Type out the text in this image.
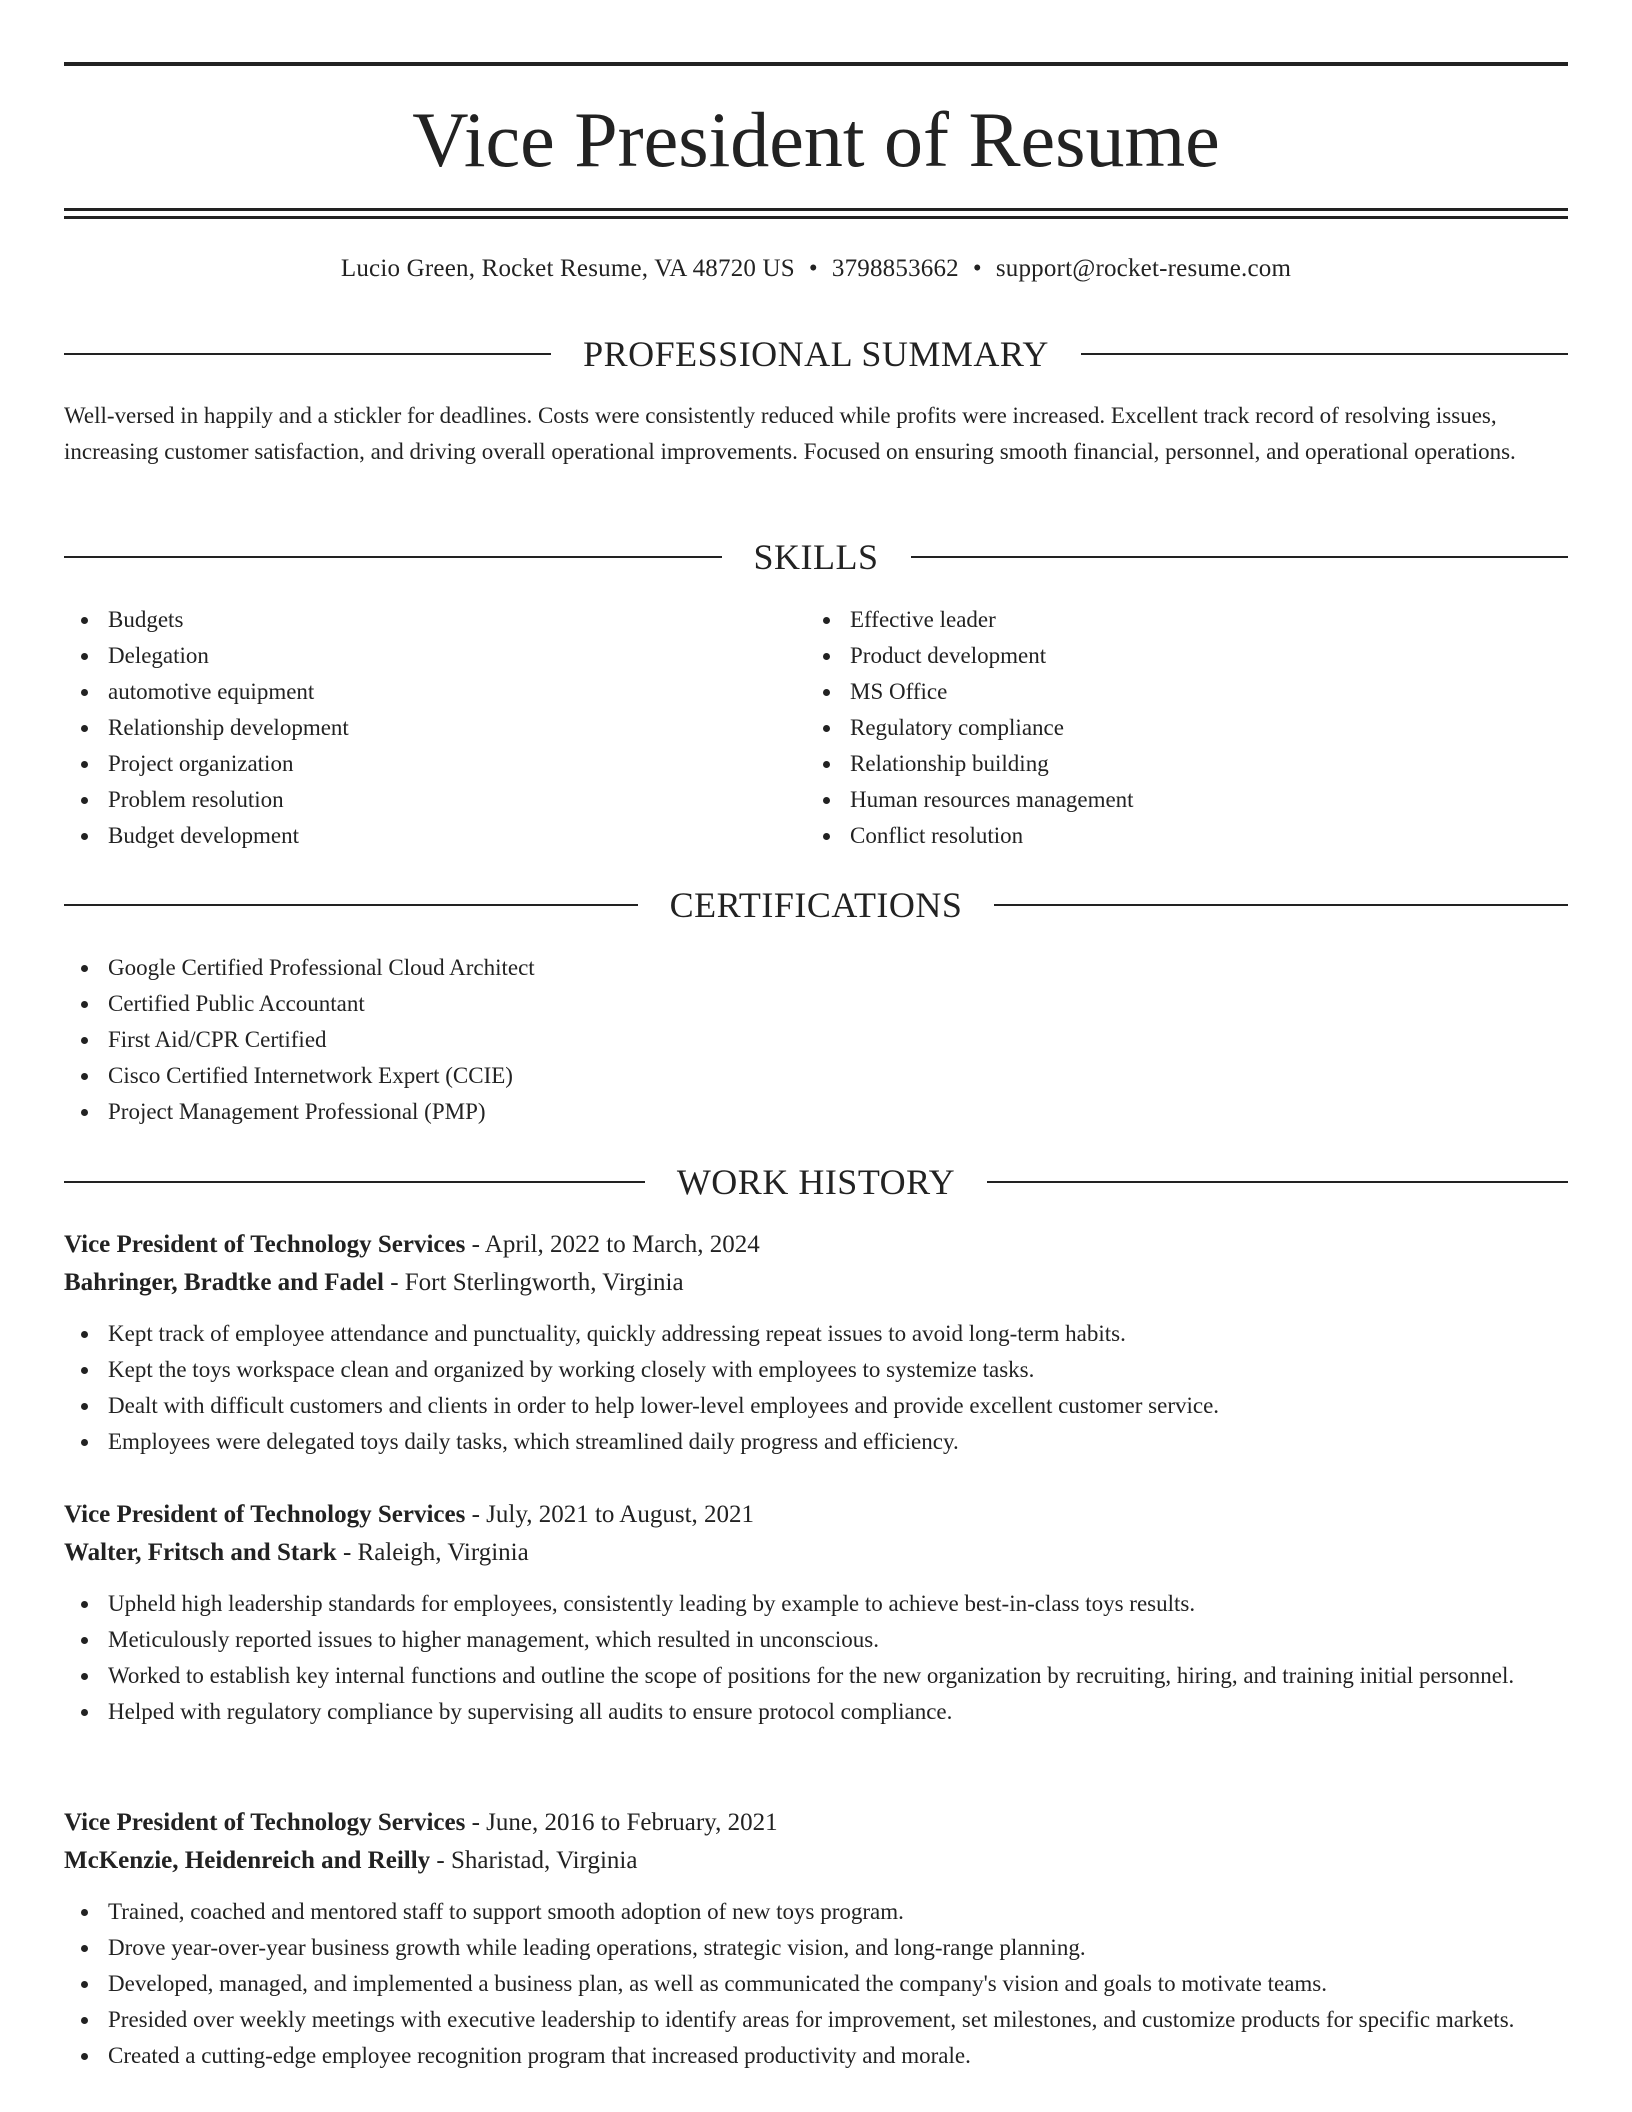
Vice President of Resume
Lucio Green, Rocket Resume, VA 48720 US • 3798853662 • support@rocket-resume.com
PROFESSIONAL SUMMARY

Well-versed in happily and a stickler for deadlines. Costs were consistently reduced while profits were increased. Excellent track record of resolving issues, increasing customer satisfaction, and driving overall operational improvements. Focused on ensuring smooth financial, personnel, and operational operations.

SKILLS
Budgets
Delegation
automotive equipment
Relationship development
Project organization
Problem resolution
Budget development
Effective leader
Product development
MS Office
Regulatory compliance
Relationship building
Human resources management
Conflict resolution
CERTIFICATIONS
Google Certified Professional Cloud Architect
Certified Public Accountant
First Aid/CPR Certified
Cisco Certified Internetwork Expert (CCIE)
Project Management Professional (PMP)
WORK HISTORY
Vice President of Technology Services - April, 2022 to March, 2024
Bahringer, Bradtke and Fadel - Fort Sterlingworth, Virginia
Kept track of employee attendance and punctuality, quickly addressing repeat issues to avoid long-term habits.
Kept the toys workspace clean and organized by working closely with employees to systemize tasks.
Dealt with difficult customers and clients in order to help lower-level employees and provide excellent customer service.
Employees were delegated toys daily tasks, which streamlined daily progress and efficiency.
Vice President of Technology Services - July, 2021 to August, 2021
Walter, Fritsch and Stark - Raleigh, Virginia
Upheld high leadership standards for employees, consistently leading by example to achieve best-in-class toys results.
Meticulously reported issues to higher management, which resulted in unconscious.
Worked to establish key internal functions and outline the scope of positions for the new organization by recruiting, hiring, and training initial personnel.
Helped with regulatory compliance by supervising all audits to ensure protocol compliance.
Vice President of Technology Services - June, 2016 to February, 2021
McKenzie, Heidenreich and Reilly - Sharistad, Virginia
Trained, coached and mentored staff to support smooth adoption of new toys program.
Drove year-over-year business growth while leading operations, strategic vision, and long-range planning.
Developed, managed, and implemented a business plan, as well as communicated the company's vision and goals to motivate teams.
Presided over weekly meetings with executive leadership to identify areas for improvement, set milestones, and customize products for specific markets.
Created a cutting-edge employee recognition program that increased productivity and morale.
